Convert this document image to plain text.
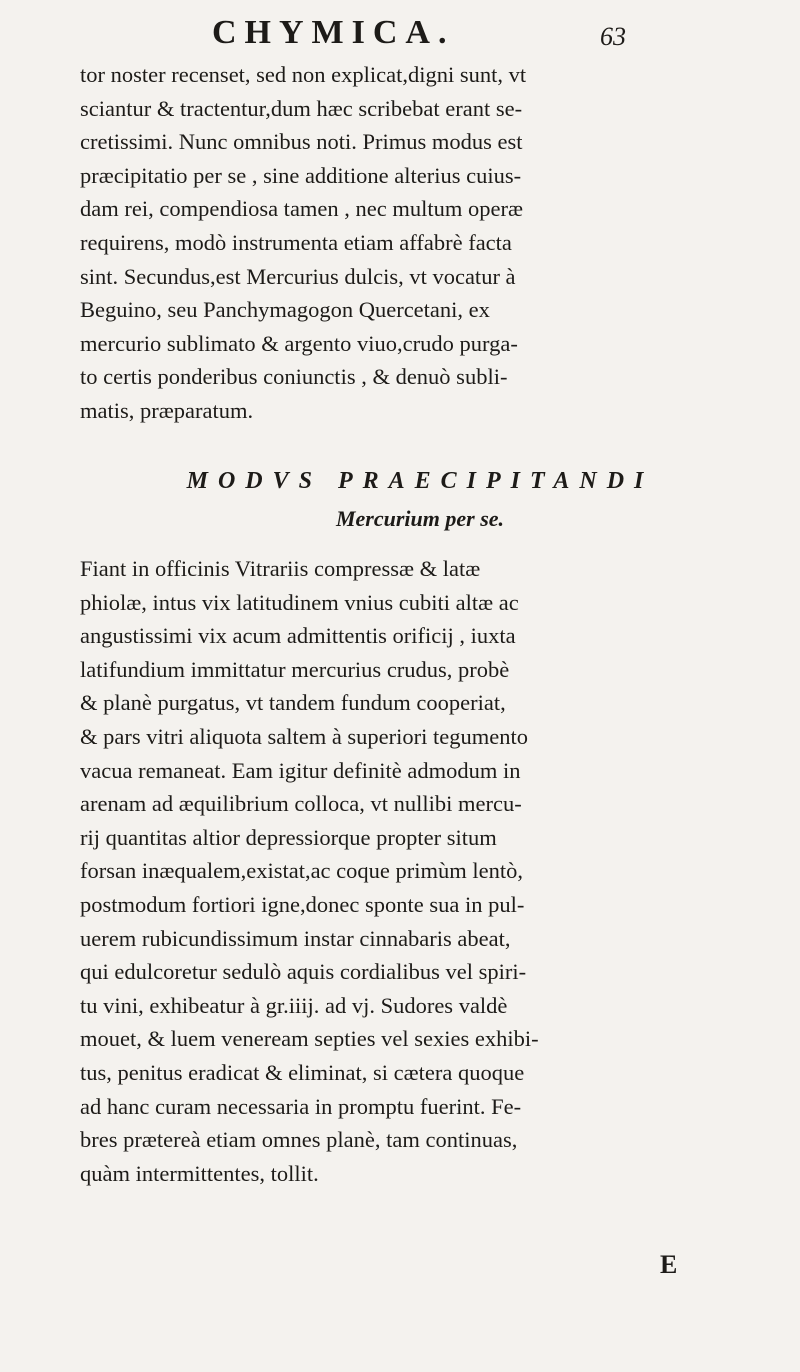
CHYMICA.	63
tor noster recenset, sed non explicat,digni sunt, vt
sciantur & tractentur,dum hæc scribebat erant se-
cretissimi. Nunc omnibus noti. Primus modus est
præcipitatio per se , sine additione alterius cuius-
dam rei, compendiosa tamen , nec multum operæ
requirens, modò instrumenta etiam affabrè facta
sint. Secundus,est Mercurius dulcis, vt vocatur à
Beguino, seu Panchymagogon Quercetani, ex
mercurio sublimato & argento viuo,crudo purga-
to certis ponderibus coniunctis , & denuò subli-
matis, præparatum.
MODVS PRAECIPITANDI
Mercurium per se.
Fiant in officinis Vitrariis compressæ & latæ
phiolæ, intus vix latitudinem vnius cubiti altæ ac
angustissimi vix acum admittentis orificij , iuxta
latifundium immittatur mercurius crudus, probè
& planè purgatus, vt tandem fundum cooperiat,
& pars vitri aliquota saltem à superiori tegumento
vacua remaneat. Eam igitur definitè admodum in
arenam ad æquilibrium colloca, vt nullibi mercu-
rij quantitas altior depressiorque propter situm
forsan inæqualem,existat,ac coque primùm lentò,
postmodum fortiori igne,donec sponte sua in pul-
uerem rubicundissimum instar cinnabaris abeat,
qui edulcoretur sedulò aquis cordialibus vel spiri-
tu vini, exhibeatur à gr.iiij. ad vj. Sudores valdè
mouet, & luem veneream septies vel sexies exhibi-
tus, penitus eradicat & eliminat, si cætera quoque
ad hanc curam necessaria in promptu fuerint. Fe-
bres prætereà etiam omnes planè, tam continuas,
quàm intermittentes, tollit.
E
